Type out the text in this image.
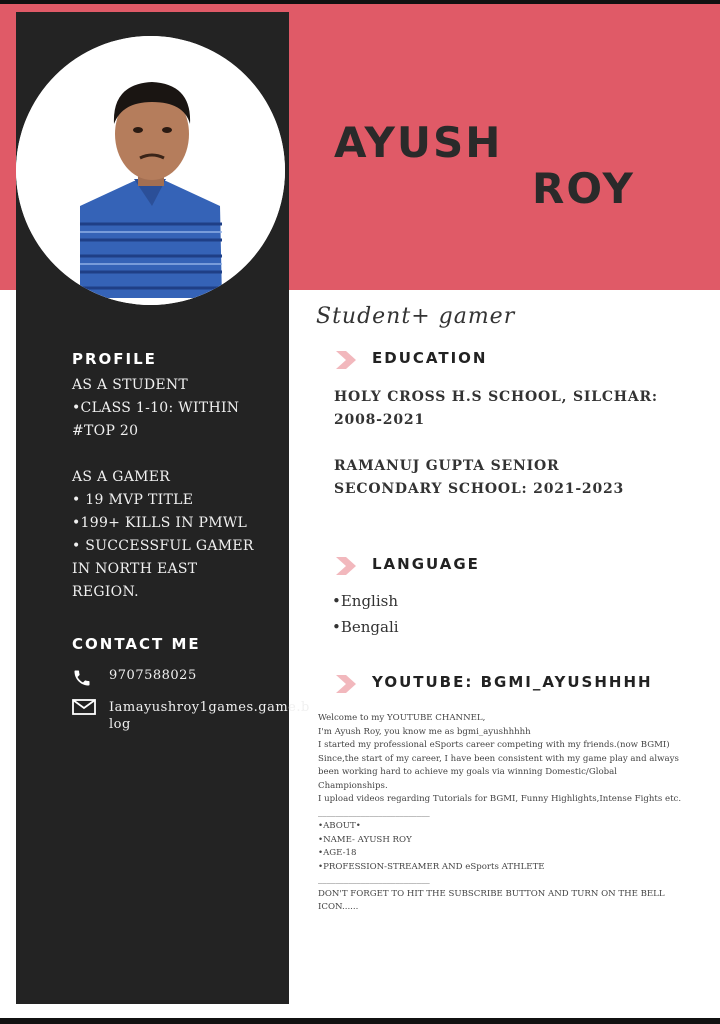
AYUSH
ROY

Student+ gamer

PROFILE
AS A STUDENT
•CLASS 1-10: WITHIN
#TOP 20

AS A GAMER
• 19 MVP TITLE
•199+ KILLS IN PMWL
• SUCCESSFUL GAMER
IN NORTH EAST
REGION.
CONTACT ME
9707588025
Iamayushroy1games.game.b
log
EDUCATION
HOLY CROSS H.S SCHOOL, SILCHAR:
2008-2021
RAMANUJ GUPTA SENIOR
SECONDARY SCHOOL: 2021-2023
LANGUAGE
•English
•Bengali
YOUTUBE: BGMI_AYUSHHHH
Welcome to my YOUTUBE CHANNEL,
I'm Ayush Roy, you know me as bgmi_ayushhhhh
I started my professional eSports career competing with my friends.(now BGMI)
Since,the start of my career, I have been consistent with my game play and always
been working hard to achieve my goals via winning Domestic/Global
Championships.
I upload videos regarding Tutorials for BGMI, Funny Highlights,Intense Fights etc.
__________________________
•ABOUT•
•NAME- AYUSH ROY
•AGE-18
•PROFESSION-STREAMER AND eSports ATHLETE
__________________________
DON'T FORGET TO HIT THE SUBSCRIBE BUTTON AND TURN ON THE BELL
ICON......
